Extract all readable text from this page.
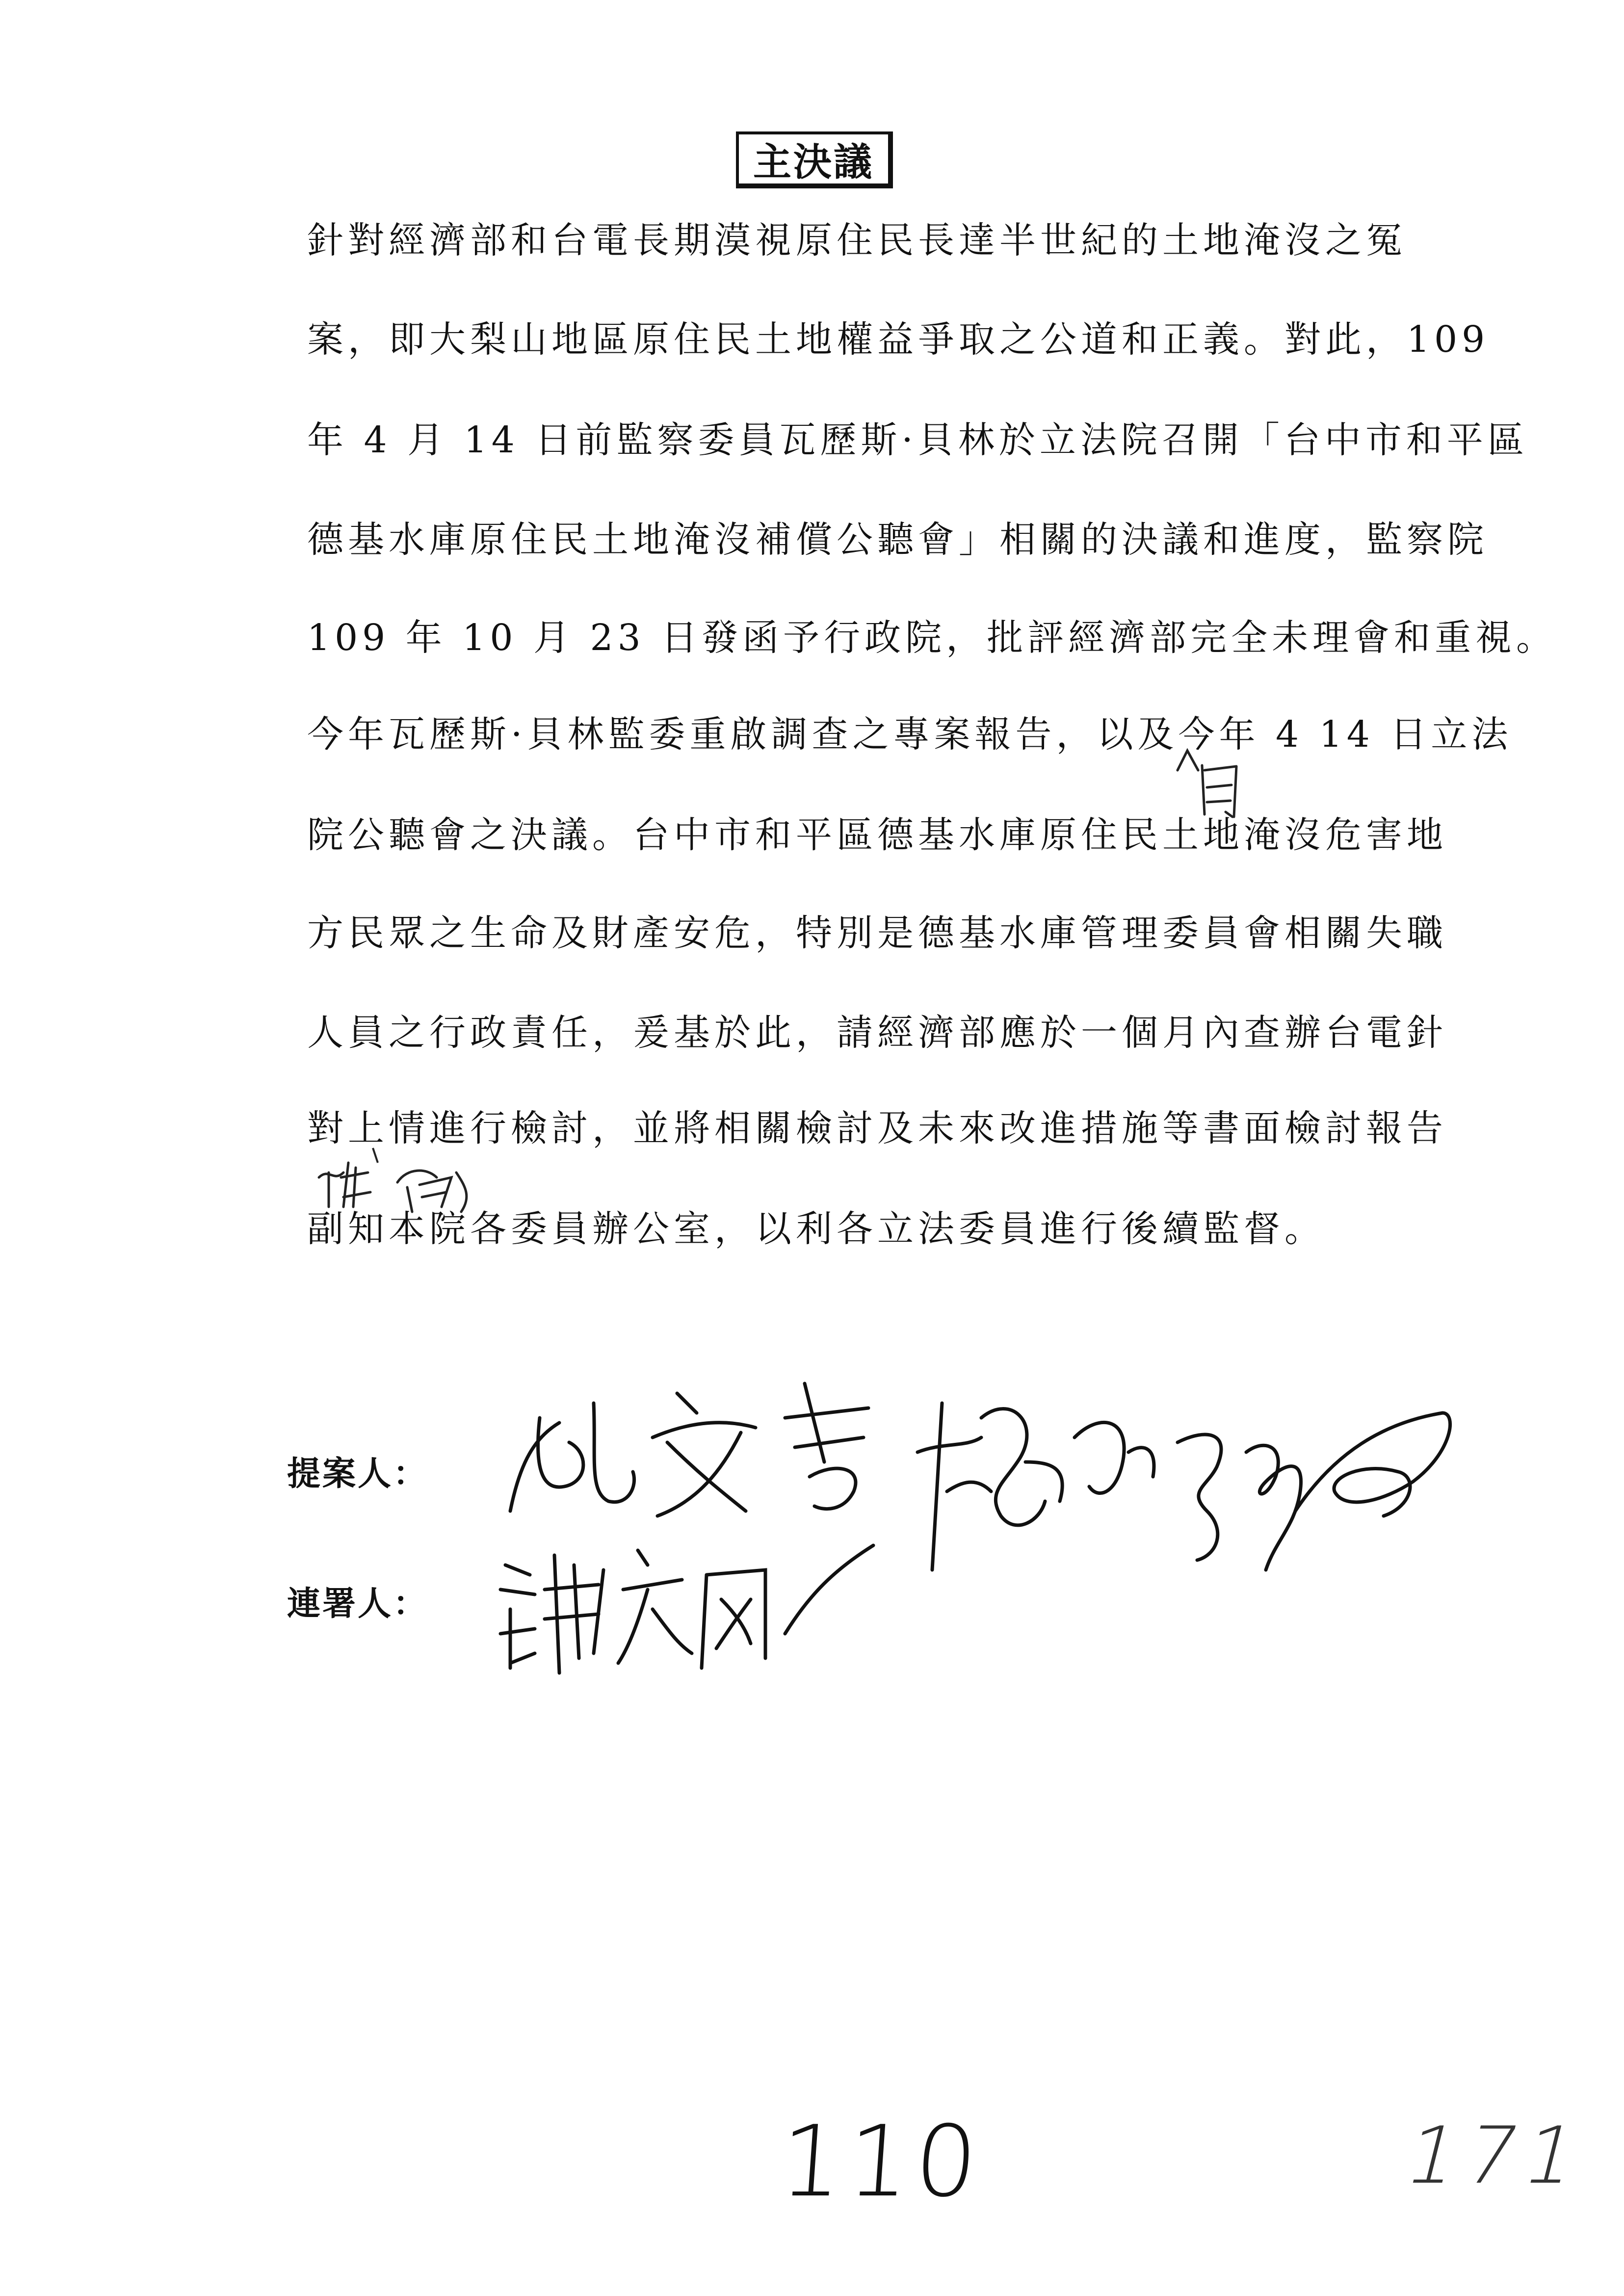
主決議
針對經濟部和台電長期漠視原住民長達半世紀的土地淹沒之冤
案，即大梨山地區原住民土地權益爭取之公道和正義。對此，109
年 4 月 14 日前監察委員瓦歷斯·貝林於立法院召開「台中市和平區
德基水庫原住民土地淹沒補償公聽會」相關的決議和進度，監察院
109 年 10 月 23 日發函予行政院，批評經濟部完全未理會和重視。
今年瓦歷斯·貝林監委重啟調查之專案報告，以及今年 4 14 日立法
院公聽會之決議。台中市和平區德基水庫原住民土地淹沒危害地
方民眾之生命及財產安危，特別是德基水庫管理委員會相關失職
人員之行政責任，爰基於此，請經濟部應於一個月內查辦台電針
對上情進行檢討，並將相關檢討及未來改進措施等書面檢討報告
副知本院各委員辦公室，以利各立法委員進行後續監督。
提案人：
連署人：
110	171
